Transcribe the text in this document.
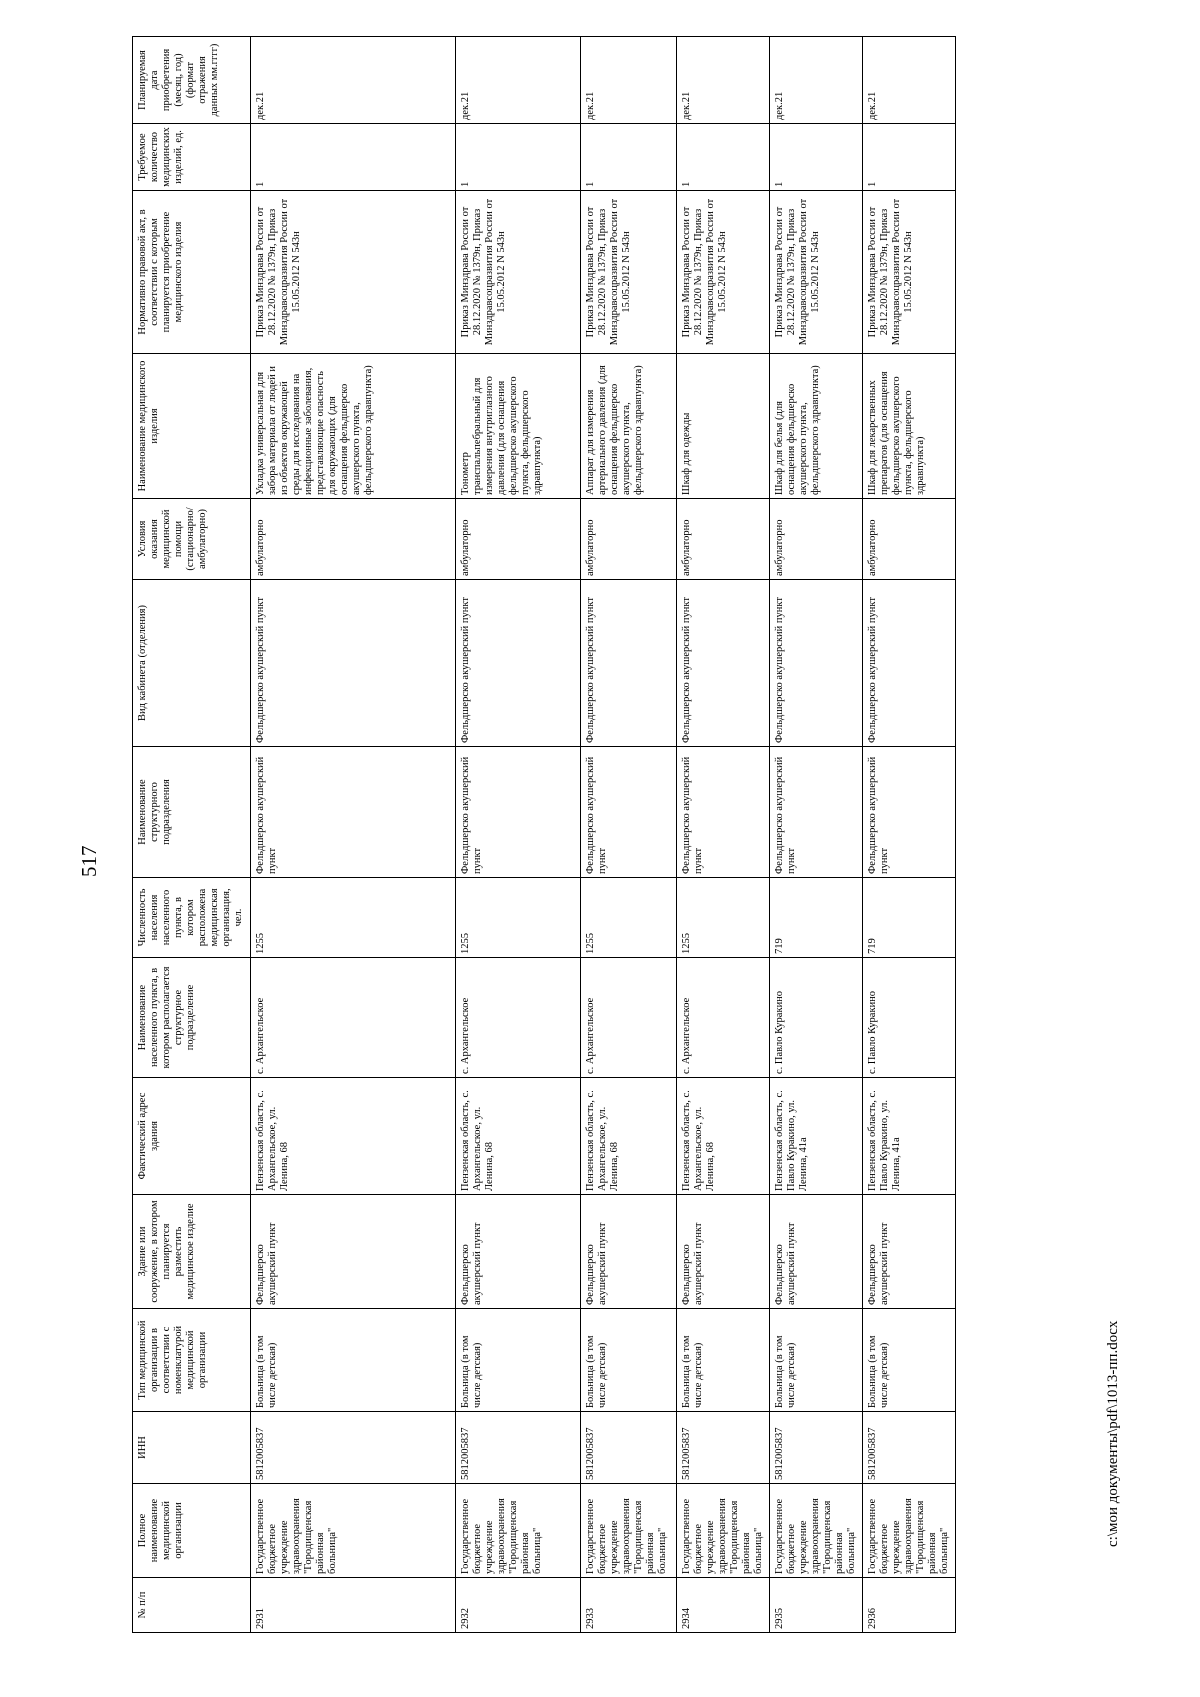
517
№ п/п	Полное наименование медицинской организации	ИНН	Тип медицинской организации в соответствии с номенклатурой медицинской организации	Здание или сооружение, в котором планируется разместить медицинское изделие	Фактический адрес здания	Наименование населенного пункта, в котором располагается структурное подразделение	Численность населения населенного пункта, в котором расположена медицинская организация, чел.	Наименование структурного подразделения	Вид кабинета (отделения)	Условия оказания медицинской помощи (стационарно/ амбулаторно)	Наименование медицинского изделия	Нормативно правовой акт, в соответствии с которым планируется приобретение медицинского изделия	Требуемое количество медицинских изделий, ед.	Планируемая дата приобретения (месяц, год) (формат отражения данных мм.гггг)
2931	Государственное бюджетное учреждение здравоохранения "Городищенская районная больница"	5812005837	Больница (в том числе детская)	Фельдшерско акушерский пункт	Пензенская область, с. Архангельское, ул. Ленина, 68	с. Архангельское	1255	Фельдшерско акушерский пункт	Фельдшерско акушерский пункт	амбулаторно	Укладка универсальная для забора материала от людей и из объектов окружающей среды для исследования на инфекционные заболевания, представляющие опасность для окружающих (для оснащения фельдшерско акушерского пункта, фельдшерского здравпункта)	Приказ Минздрава России от 28.12.2020 № 1379н, Приказ Минздравсоцразвития России от 15.05.2012 N 543н	1	дек.21
2932	Государственное бюджетное учреждение здравоохранения "Городищенская районная больница"	5812005837	Больница (в том числе детская)	Фельдшерско акушерский пункт	Пензенская область, с. Архангельское, ул. Ленина, 68	с. Архангельское	1255	Фельдшерско акушерский пункт	Фельдшерско акушерский пункт	амбулаторно	Тонометр транспальпебральный для измерения внутриглазного давления (для оснащения фельдшерско акушерского пункта, фельдшерского здравпункта)	Приказ Минздрава России от 28.12.2020 № 1379н, Приказ Минздравсоцразвития России от 15.05.2012 N 543н	1	дек.21
2933	Государственное бюджетное учреждение здравоохранения "Городищенская районная больница"	5812005837	Больница (в том числе детская)	Фельдшерско акушерский пункт	Пензенская область, с. Архангельское, ул. Ленина, 68	с. Архангельское	1255	Фельдшерско акушерский пункт	Фельдшерско акушерский пункт	амбулаторно	Аппарат для измерения артериального давления (для оснащения фельдшерско акушерского пункта, фельдшерского здравпункта)	Приказ Минздрава России от 28.12.2020 № 1379н, Приказ Минздравсоцразвития России от 15.05.2012 N 543н	1	дек.21
2934	Государственное бюджетное учреждение здравоохранения "Городищенская районная больница"	5812005837	Больница (в том числе детская)	Фельдшерско акушерский пункт	Пензенская область, с. Архангельское, ул. Ленина, 68	с. Архангельское	1255	Фельдшерско акушерский пункт	Фельдшерско акушерский пункт	амбулаторно	Шкаф для одежды	Приказ Минздрава России от 28.12.2020 № 1379н, Приказ Минздравсоцразвития России от 15.05.2012 N 543н	1	дек.21
2935	Государственное бюджетное учреждение здравоохранения "Городищенская районная больница"	5812005837	Больница (в том числе детская)	Фельдшерско акушерский пункт	Пензенская область, с. Павло Куракино, ул. Ленина, 41а	с. Павло Куракино	719	Фельдшерско акушерский пункт	Фельдшерско акушерский пункт	амбулаторно	Шкаф для белья (для оснащения фельдшерско акушерского пункта, фельдшерского здравпункта)	Приказ Минздрава России от 28.12.2020 № 1379н, Приказ Минздравсоцразвития России от 15.05.2012 N 543н	1	дек.21
2936	Государственное бюджетное учреждение здравоохранения "Городищенская районная больница"	5812005837	Больница (в том числе детская)	Фельдшерско акушерский пункт	Пензенская область, с. Павло Куракино, ул. Ленина, 41а	с. Павло Куракино	719	Фельдшерско акушерский пункт	Фельдшерско акушерский пункт	амбулаторно	Шкаф для лекарственных препаратов (для оснащения фельдшерско акушерского пункта, фельдшерского здравпункта)	Приказ Минздрава России от 28.12.2020 № 1379н, Приказ Минздравсоцразвития России от 15.05.2012 N 543н	1	дек.21
c:\мои документы\pdf\1013-пп.docx
